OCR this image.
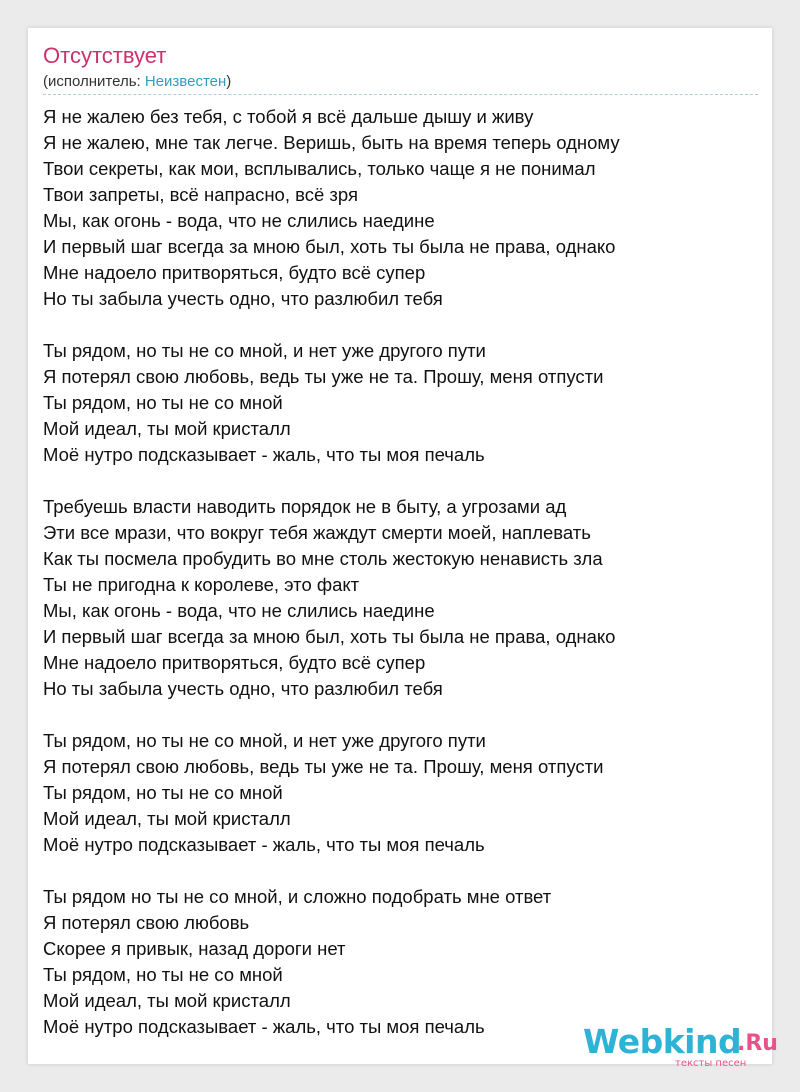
Отсутствует
(исполнитель: Неизвестен)
Я не жалею без тебя, с тобой я всё дальше дышу и живу
Я не жалею, мне так легче. Веришь, быть на время теперь одному
Твои секреты, как мои, всплывались, только чаще я не понимал
Твои запреты, всё напрасно, всё зря
Мы, как огонь - вода, что не слились наедине
И первый шаг всегда за мною был, хоть ты была не права, однако
Мне надоело притворяться, будто всё супер
Но ты забыла учесть одно, что разлюбил тебя
Ты рядом, но ты не со мной, и нет уже другого пути
Я потерял свою любовь, ведь ты уже не та. Прошу, меня отпусти
Ты рядом, но ты не со мной
Мой идеал, ты мой кристалл
Моё нутро подсказывает - жаль, что ты моя печаль
Требуешь власти наводить порядок не в быту, а угрозами ад
Эти все мрази, что вокруг тебя жаждут смерти моей, наплевать
Как ты посмела пробудить во мне столь жестокую ненависть зла
Ты не пригодна к королеве, это факт
Мы, как огонь - вода, что не слились наедине
И первый шаг всегда за мною был, хоть ты была не права, однако
Мне надоело притворяться, будто всё супер
Но ты забыла учесть одно, что разлюбил тебя
Ты рядом, но ты не со мной, и нет уже другого пути
Я потерял свою любовь, ведь ты уже не та. Прошу, меня отпусти
Ты рядом, но ты не со мной
Мой идеал, ты мой кристалл
Моё нутро подсказывает - жаль, что ты моя печаль
Ты рядом но ты не со мной, и сложно подобрать мне ответ
Я потерял свою любовь
Скорее я привык, назад дороги нет
Ты рядом, но ты не со мной
Мой идеал, ты мой кристалл
Моё нутро подсказывает - жаль, что ты моя печаль	Webkind
.Ru
тексты песен
